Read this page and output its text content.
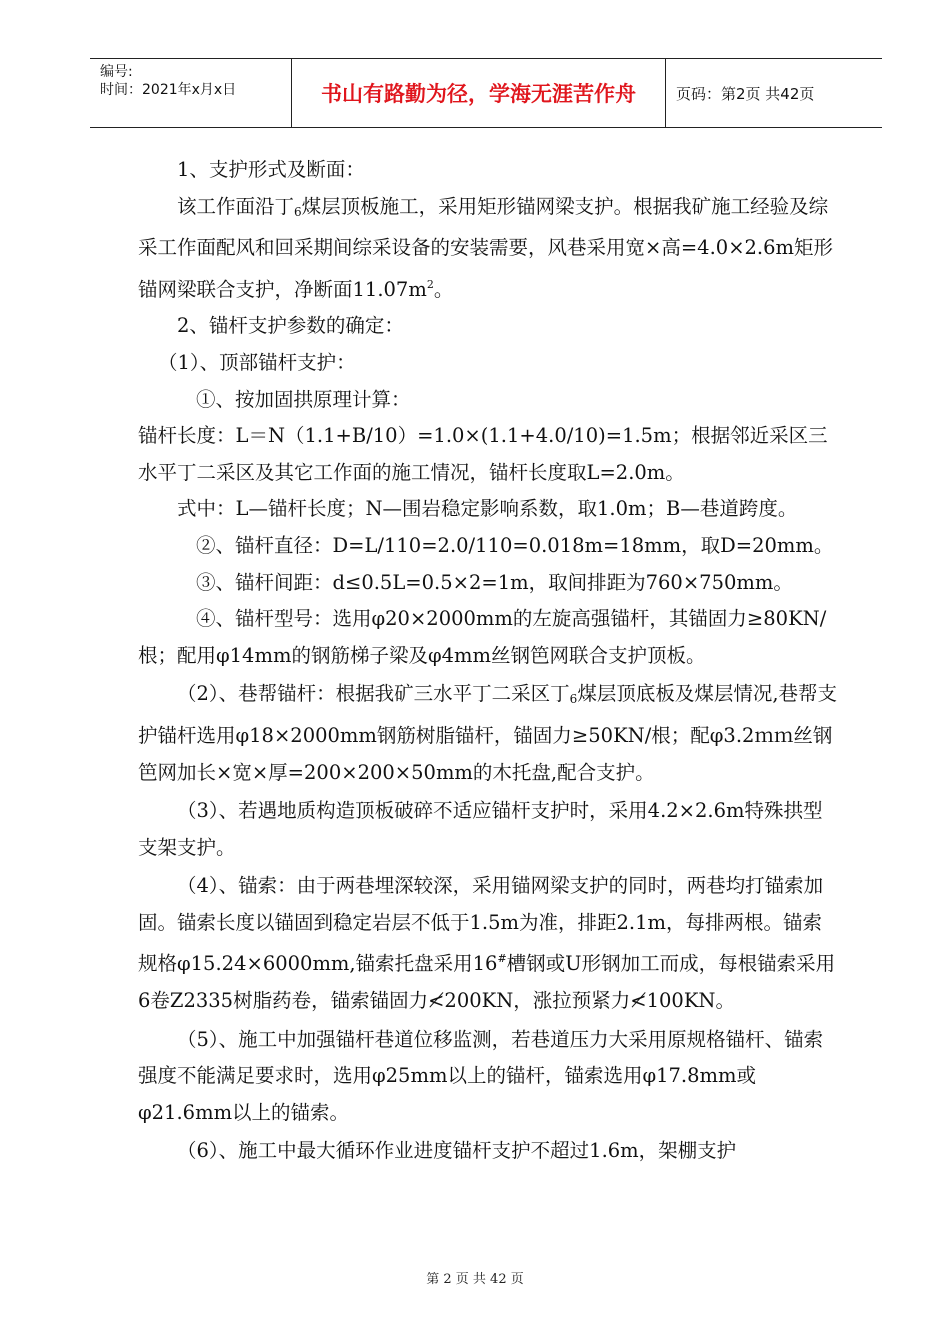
编号:
时间：2021年x月x日	书山有路勤为径，学海无涯苦作舟	页码：第2页 共42页

1、支护形式及断面：

该工作面沿丁$_6$煤层顶板施工，采用矩形锚网梁支护。根据我矿施工经验及综采工作面配风和回采期间综采设备的安装需要，风巷采用宽×高=4.0×2.6m矩形锚网梁联合支护，净断面$11.07m^2$。

2、锚杆支护参数的确定：

（1）、顶部锚杆支护：

①、按加固拱原理计算：

锚杆长度：L＝N（1.1+B/10）=1.0×(1.1+4.0/10)=1.5m；根据邻近采区三水平丁二采区及其它工作面的施工情况，锚杆长度取L=2.0m。

式中：L—锚杆长度；N—围岩稳定影响系数，取1.0m；B—巷道跨度。

②、锚杆直径：D=L/110=2.0/110=0.018m=18mm，取D=20mm。

③、锚杆间距：d≤0.5L=0.5×2=1m，取间排距为760×750mm。

④、锚杆型号：选用φ20×2000mm的左旋高强锚杆，其锚固力≥80KN/根；配用φ14mm的钢筋梯子梁及φ4mm丝钢笆网联合支护顶板。

（2）、巷帮锚杆：根据我矿三水平丁二采区丁$_6$煤层顶底板及煤层情况,巷帮支护锚杆选用φ18×2000mm钢筋树脂锚杆，锚固力≥50KN/根；配φ3.2ｍｍ丝钢笆网加长×宽×厚=200×200×50mm的木托盘,配合支护。

（3）、若遇地质构造顶板破碎不适应锚杆支护时，采用4.2×2.6m特殊拱型支架支护。

（4）、锚索：由于两巷埋深较深，采用锚网梁支护的同时，两巷均打锚索加固。锚索长度以锚固到稳定岩层不低于1.5m为准，排距2.1m，每排两根。锚索规格φ15.24×6000mm,锚索托盘采用16#槽钢或U形钢加工而成，每根锚索采用6卷Z2335树脂药卷，锚索锚固力≮200KN，涨拉预紧力≮100KN。

（5）、施工中加强锚杆巷道位移监测，若巷道压力大采用原规格锚杆、锚索强度不能满足要求时，选用φ25mm以上的锚杆，锚索选用φ17.8mm或φ21.6mm以上的锚索。

（6）、施工中最大循环作业进度锚杆支护不超过1.6m，架棚支护

第 2 页 共 42 页
